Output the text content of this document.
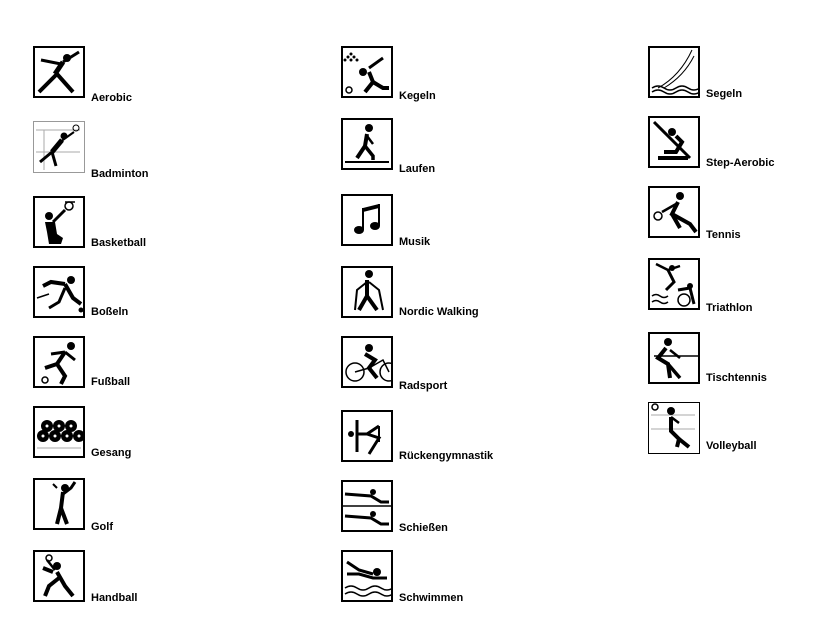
Aerobic
Badminton
Basketball
Boßeln
Fußball
Gesang
Golf
Handball
Kegeln
Laufen
Musik
Nordic Walking
Radsport
Rückengymnastik
Schießen
Schwimmen
Segeln
Step-Aerobic
Tennis
Triathlon
Tischtennis
Volleyball
